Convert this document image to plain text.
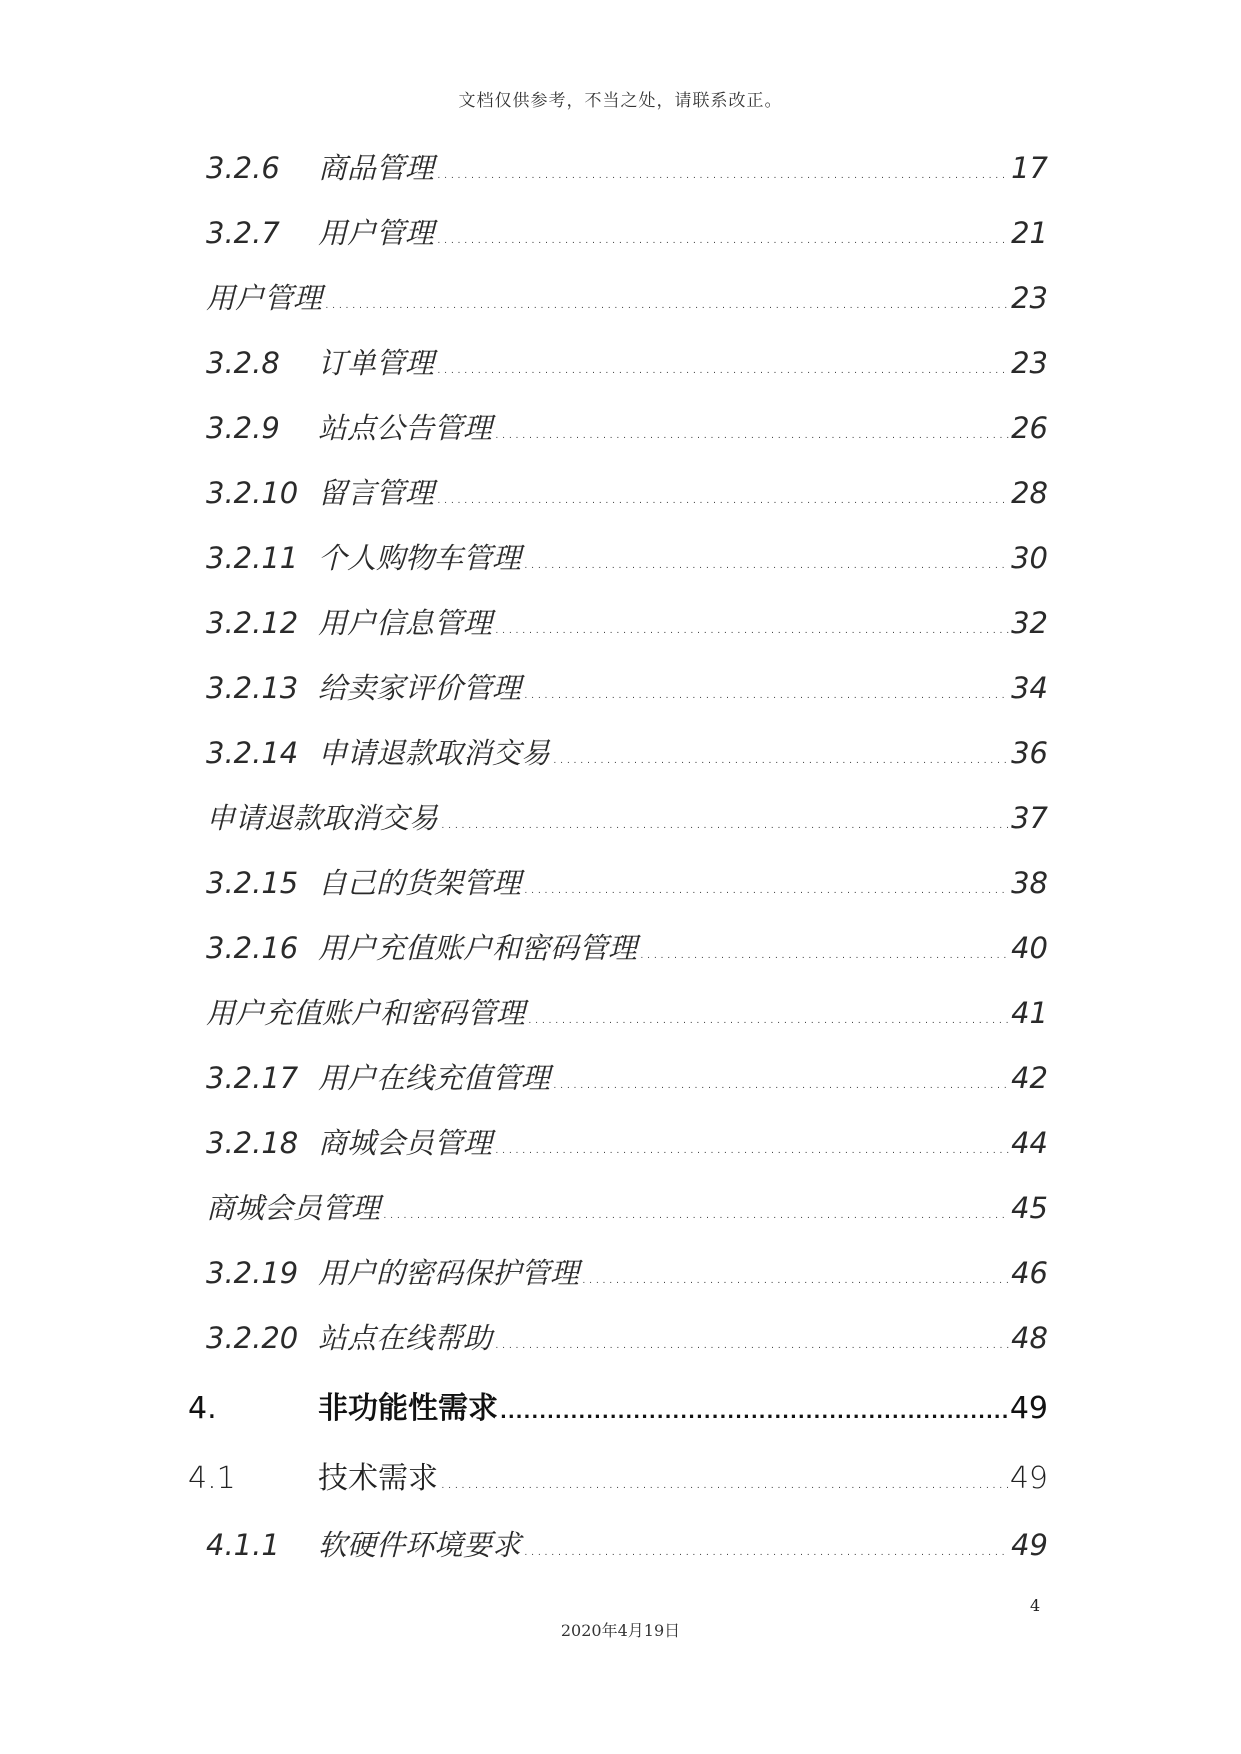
文档仅供参考，不当之处，请联系改正。
3.2.6	商品管理 .....	17
3.2.7	用户管理 .....	21
用户管理 .....	23
3.2.8	订单管理 .....	23
3.2.9	站点公告管理 .....	26
3.2.10 留言管理 .....	28
3.2.11 个人购物车管理 .....	30
3.2.12 用户信息管理 .....	32
3.2.13 给卖家评价管理 .....	34
3.2.14 申请退款取消交易 .....	36
申请退款取消交易 .....	37
3.2.15 自己的货架管理 .....	38
3.2.16 用户充值账户和密码管理 .....	40
用户充值账户和密码管理 .....	41
3.2.17 用户在线充值管理 .....	42
3.2.18 商城会员管理 .....	44
商城会员管理 .....	45
3.2.19 用户的密码保护管理 .....	46
3.2.20 站点在线帮助 .....	48
4.	非功能性需求 .....	49
4.1	技术需求 .....	49
4.1.1	软硬件环境要求 .....	49
4
2020年4月19日
